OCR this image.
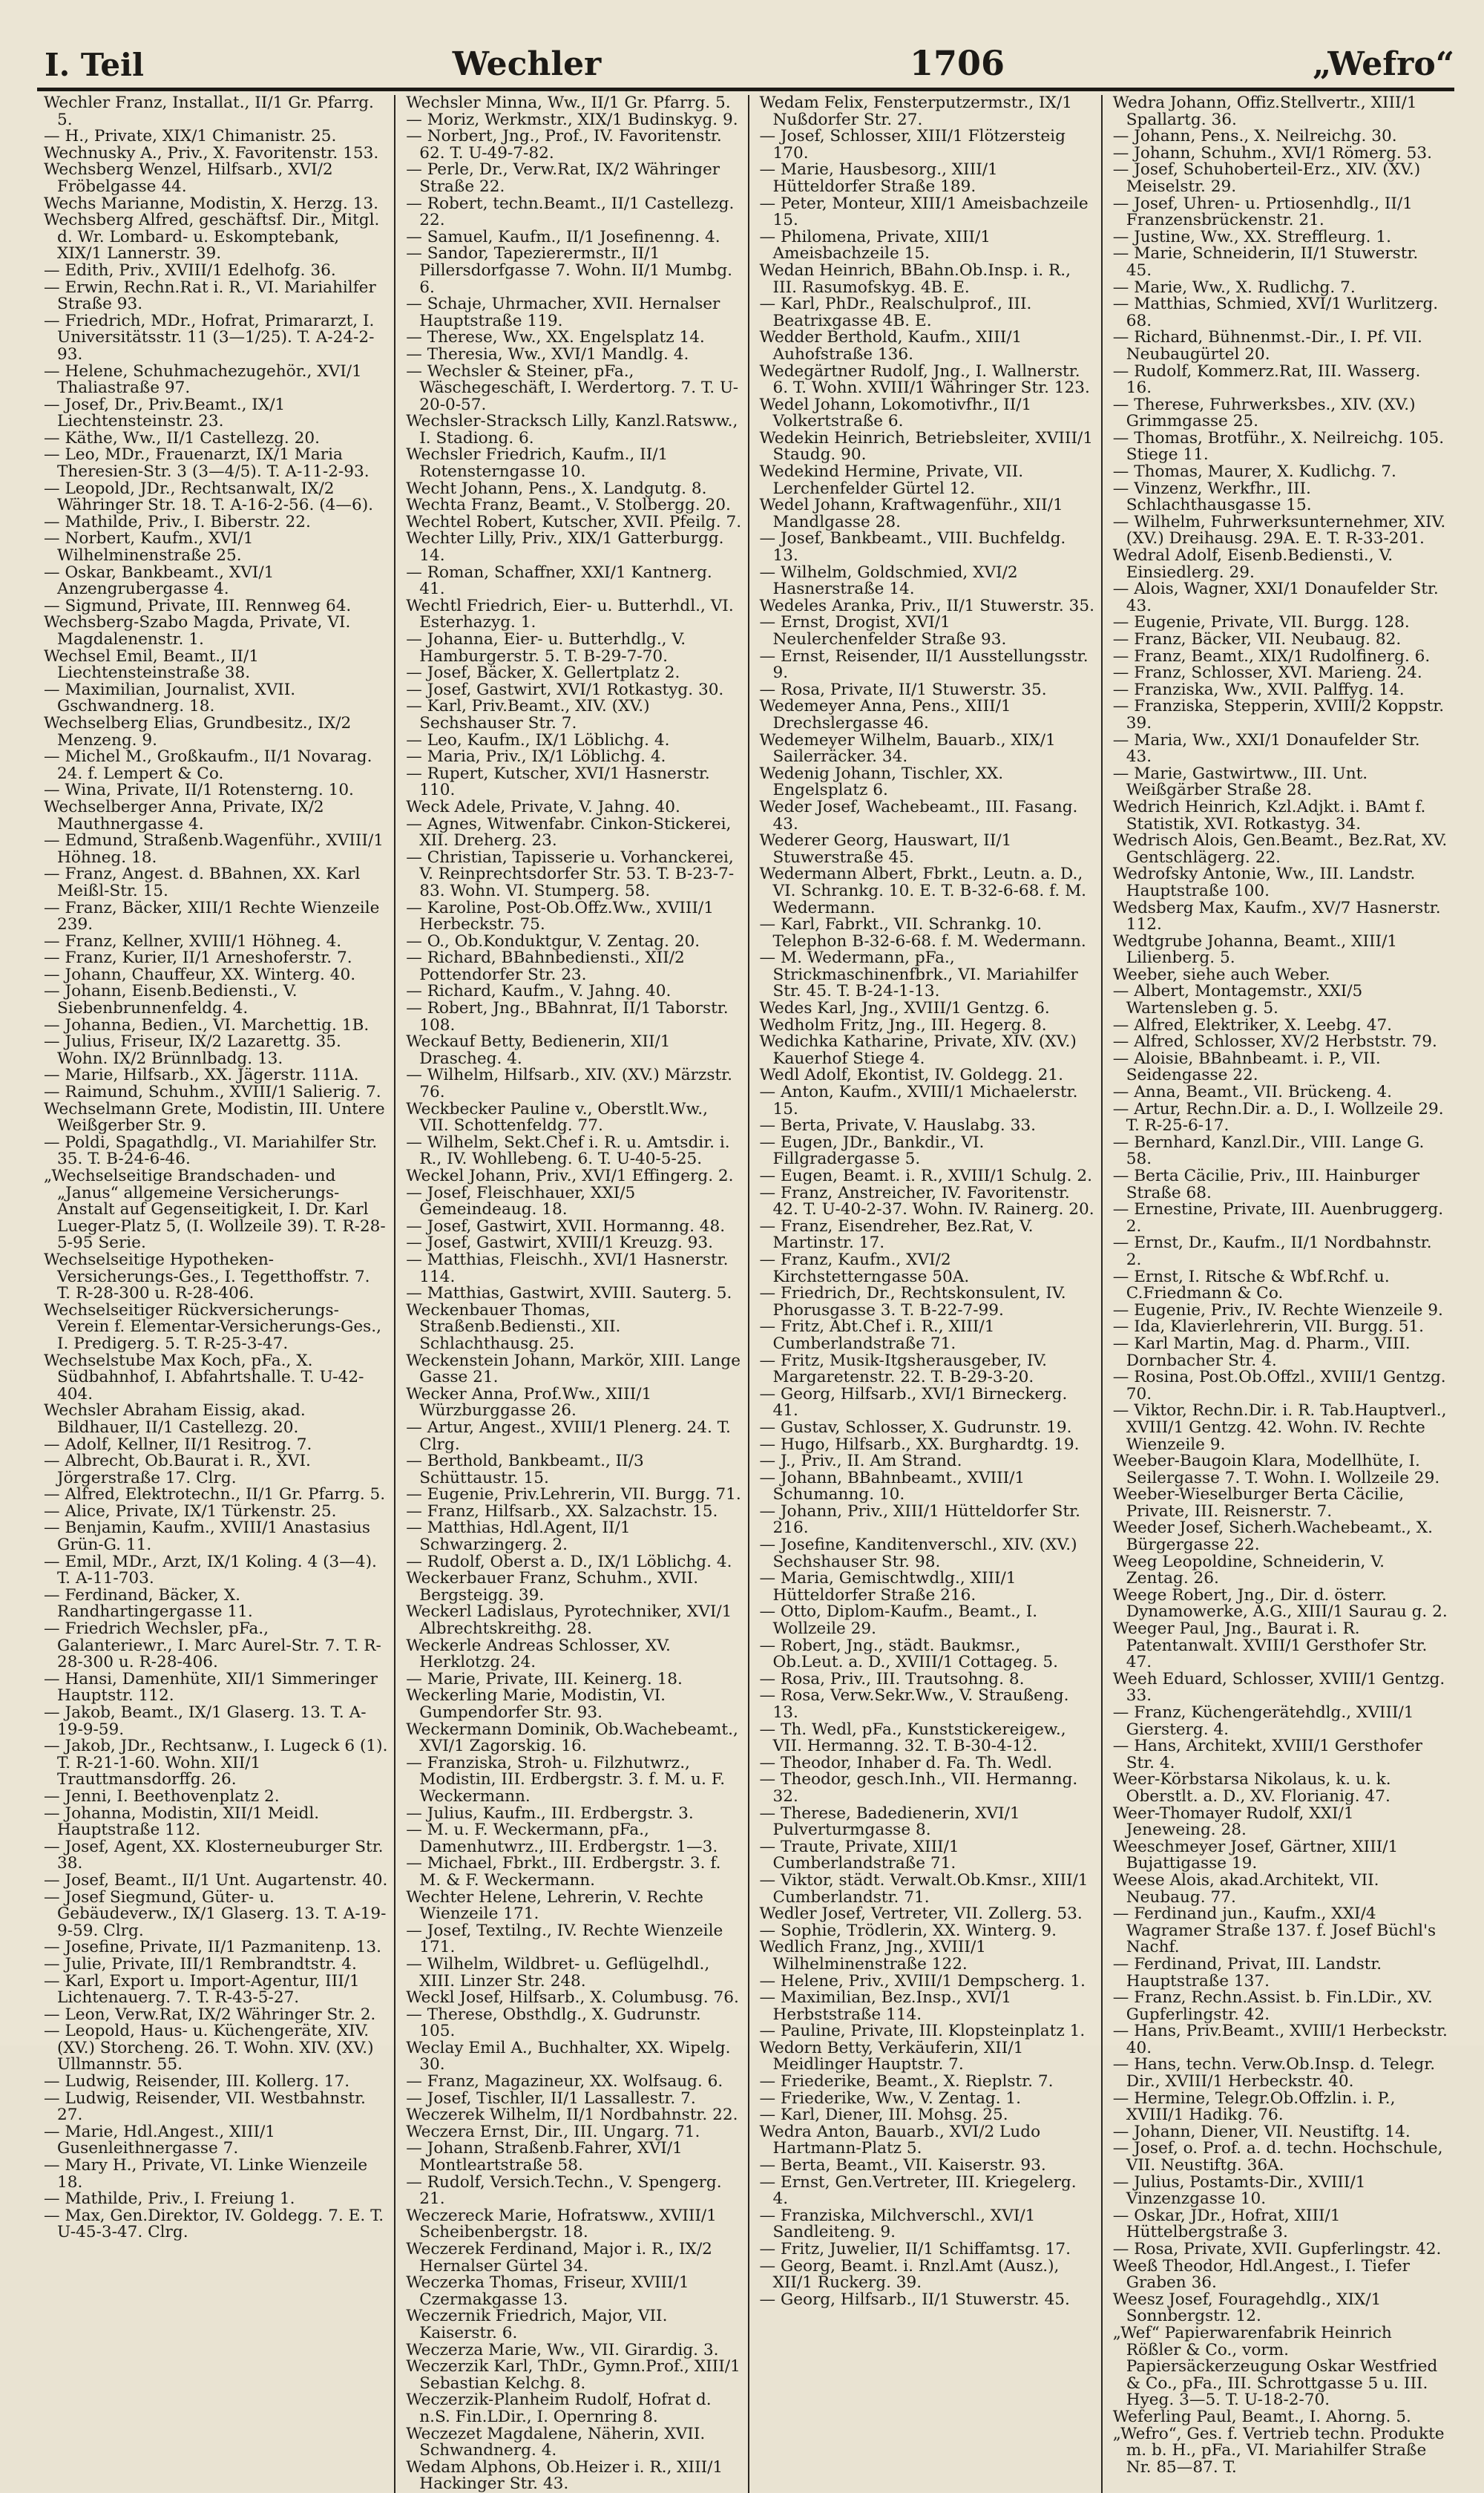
I. Teil	Wechler	1706	„Wefro“

Wechler Franz, Installat., II/1 Gr. Pfarrg. 5.

— H., Private, XIX/1 Chimanistr. 25.

Wechnusky A., Priv., X. Favoritenstr. 153.

Wechsberg Wenzel, Hilfsarb., XVI/2 Fröbelgasse 44.

Wechs Marianne, Modistin, X. Herzg. 13.

Wechsberg Alfred, geschäftsf. Dir., Mitgl. d. Wr. Lombard- u. Eskomptebank, XIX/1 Lannerstr. 39.

— Edith, Priv., XVIII/1 Edelhofg. 36.

— Erwin, Rechn.Rat i. R., VI. Mariahilfer Straße 93.

— Friedrich, MDr., Hofrat, Primararzt, I. Universitätsstr. 11 (3—1/25). T. A-24-2-93.

— Helene, Schuhmachezugehör., XVI/1 Thaliastraße 97.

— Josef, Dr., Priv.Beamt., IX/1 Liechtensteinstr. 23.

— Käthe, Ww., II/1 Castellezg. 20.

— Leo, MDr., Frauenarzt, IX/1 Maria Theresien-Str. 3 (3—4/5). T. A-11-2-93.

— Leopold, JDr., Rechtsanwalt, IX/2 Währinger Str. 18. T. A-16-2-56. (4—6).

— Mathilde, Priv., I. Biberstr. 22.

— Norbert, Kaufm., XVI/1 Wilhelminenstraße 25.

— Oskar, Bankbeamt., XVI/1 Anzengrubergasse 4.

— Sigmund, Private, III. Rennweg 64.

Wechsberg-Szabo Magda, Private, VI. Magdalenenstr. 1.

Wechsel Emil, Beamt., II/1 Liechtensteinstraße 38.

— Maximilian, Journalist, XVII. Gschwandnerg. 18.

Wechselberg Elias, Grundbesitz., IX/2 Menzeng. 9.

— Michel M., Großkaufm., II/1 Novarag. 24. f. Lempert & Co.

— Wina, Private, II/1 Rotensterng. 10.

Wechselberger Anna, Private, IX/2 Mauthnergasse 4.

— Edmund, Straßenb.Wagenführ., XVIII/1 Höhneg. 18.

— Franz, Angest. d. BBahnen, XX. Karl Meißl-Str. 15.

— Franz, Bäcker, XIII/1 Rechte Wienzeile 239.

— Franz, Kellner, XVIII/1 Höhneg. 4.

— Franz, Kurier, II/1 Arneshoferstr. 7.

— Johann, Chauffeur, XX. Winterg. 40.

— Johann, Eisenb.Bediensti., V. Siebenbrunnenfeldg. 4.

— Johanna, Bedien., VI. Marchettig. 1B.

— Julius, Friseur, IX/2 Lazarettg. 35. Wohn. IX/2 Brünnlbadg. 13.

— Marie, Hilfsarb., XX. Jägerstr. 111A.

— Raimund, Schuhm., XVIII/1 Salierig. 7.

Wechselmann Grete, Modistin, III. Untere Weißgerber Str. 9.

— Poldi, Spagathdlg., VI. Mariahilfer Str. 35. T. B-24-6-46.

„Wechselseitige Brandschaden- und „Janus“ allgemeine Versicherungs-Anstalt auf Gegenseitigkeit, I. Dr. Karl Lueger-Platz 5, (I. Wollzeile 39). T. R-28-5-95 Serie.

Wechselseitige Hypotheken-Versicherungs-Ges., I. Tegetthoffstr. 7. T. R-28-300 u. R-28-406.

Wechselseitiger Rückversicherungs-Verein f. Elementar-Versicherungs-Ges., I. Predigerg. 5. T. R-25-3-47.

Wechselstube Max Koch, pFa., X. Südbahnhof, I. Abfahrtshalle. T. U-42-404.

Wechsler Abraham Eissig, akad. Bildhauer, II/1 Castellezg. 20.

— Adolf, Kellner, II/1 Resitrog. 7.

— Albrecht, Ob.Baurat i. R., XVI. Jörgerstraße 17. Clrg.

— Alfred, Elektrotechn., II/1 Gr. Pfarrg. 5.

— Alice, Private, IX/1 Türkenstr. 25.

— Benjamin, Kaufm., XVIII/1 Anastasius Grün-G. 11.

— Emil, MDr., Arzt, IX/1 Koling. 4 (3—4). T. A-11-703.

— Ferdinand, Bäcker, X. Randhartingergasse 11.

— Friedrich Wechsler, pFa., Galanteriewr., I. Marc Aurel-Str. 7. T. R-28-300 u. R-28-406.

— Hansi, Damenhüte, XII/1 Simmeringer Hauptstr. 112.

— Jakob, Beamt., IX/1 Glaserg. 13. T. A-19-9-59.

— Jakob, JDr., Rechtsanw., I. Lugeck 6 (1). T. R-21-1-60. Wohn. XII/1 Trauttmansdorffg. 26.

— Jenni, I. Beethovenplatz 2.

— Johanna, Modistin, XII/1 Meidl. Hauptstraße 112.

— Josef, Agent, XX. Klosterneuburger Str. 38.

— Josef, Beamt., II/1 Unt. Augartenstr. 40.

— Josef Siegmund, Güter- u. Gebäudeverw., IX/1 Glaserg. 13. T. A-19-9-59. Clrg.

— Josefine, Private, II/1 Pazmanitenp. 13.

— Julie, Private, III/1 Rembrandtstr. 4.

— Karl, Export u. Import-Agentur, III/1 Lichtenauerg. 7. T. R-43-5-27.

— Leon, Verw.Rat, IX/2 Währinger Str. 2.

— Leopold, Haus- u. Küchengeräte, XIV. (XV.) Storcheng. 26. T. Wohn. XIV. (XV.) Ullmannstr. 55.

— Ludwig, Reisender, III. Kollerg. 17.

— Ludwig, Reisender, VII. Westbahnstr. 27.

— Marie, Hdl.Angest., XIII/1 Gusenleithnergasse 7.

— Mary H., Private, VI. Linke Wienzeile 18.

— Mathilde, Priv., I. Freiung 1.

— Max, Gen.Direktor, IV. Goldegg. 7. E. T. U-45-3-47. Clrg.

Wechsler Minna, Ww., II/1 Gr. Pfarrg. 5.

— Moriz, Werkmstr., XIX/1 Budinskyg. 9.

— Norbert, Jng., Prof., IV. Favoritenstr. 62. T. U-49-7-82.

— Perle, Dr., Verw.Rat, IX/2 Währinger Straße 22.

— Robert, techn.Beamt., II/1 Castellezg. 22.

— Samuel, Kaufm., II/1 Josefinenng. 4.

— Sandor, Tapezierermstr., II/1 Pillersdorfgasse 7. Wohn. II/1 Mumbg. 6.

— Schaje, Uhrmacher, XVII. Hernalser Hauptstraße 119.

— Therese, Ww., XX. Engelsplatz 14.

— Theresia, Ww., XVI/1 Mandlg. 4.

— Wechsler & Steiner, pFa., Wäschegeschäft, I. Werdertorg. 7. T. U-20-0-57.

Wechsler-Stracksch Lilly, Kanzl.Ratsww., I. Stadiong. 6.

Wechsler Friedrich, Kaufm., II/1 Rotensterngasse 10.

Wecht Johann, Pens., X. Landgutg. 8.

Wechta Franz, Beamt., V. Stolbergg. 20.

Wechtel Robert, Kutscher, XVII. Pfeilg. 7.

Wechter Lilly, Priv., XIX/1 Gatterburgg. 14.

— Roman, Schaffner, XXI/1 Kantnerg. 41.

Wechtl Friedrich, Eier- u. Butterhdl., VI. Esterhazyg. 1.

— Johanna, Eier- u. Butterhdlg., V. Hamburgerstr. 5. T. B-29-7-70.

— Josef, Bäcker, X. Gellertplatz 2.

— Josef, Gastwirt, XVI/1 Rotkastyg. 30.

— Karl, Priv.Beamt., XIV. (XV.) Sechshauser Str. 7.

— Leo, Kaufm., IX/1 Löblichg. 4.

— Maria, Priv., IX/1 Löblichg. 4.

— Rupert, Kutscher, XVI/1 Hasnerstr. 110.

Weck Adele, Private, V. Jahng. 40.

— Agnes, Witwenfabr. Cinkon-Stickerei, XII. Dreherg. 23.

— Christian, Tapisserie u. Vorhanckerei, V. Reinprechtsdorfer Str. 53. T. B-23-7-83. Wohn. VI. Stumperg. 58.

— Karoline, Post-Ob.Offz.Ww., XVIII/1 Herbeckstr. 75.

— O., Ob.Konduktgur, V. Zentag. 20.

— Richard, BBahnbediensti., XII/2 Pottendorfer Str. 23.

— Richard, Kaufm., V. Jahng. 40.

— Robert, Jng., BBahnrat, II/1 Taborstr. 108.

Weckauf Betty, Bedienerin, XII/1 Drascheg. 4.

— Wilhelm, Hilfsarb., XIV. (XV.) Märzstr. 76.

Weckbecker Pauline v., Oberstlt.Ww., VII. Schottenfeldg. 77.

— Wilhelm, Sekt.Chef i. R. u. Amtsdir. i. R., IV. Wohllebeng. 6. T. U-40-5-25.

Weckel Johann, Priv., XVI/1 Effingerg. 2.

— Josef, Fleischhauer, XXI/5 Gemeindeaug. 18.

— Josef, Gastwirt, XVII. Hormanng. 48.

— Josef, Gastwirt, XVIII/1 Kreuzg. 93.

— Matthias, Fleischh., XVI/1 Hasnerstr. 114.

— Matthias, Gastwirt, XVIII. Sauterg. 5.

Weckenbauer Thomas, Straßenb.Bediensti., XII. Schlachthausg. 25.

Weckenstein Johann, Markör, XIII. Lange Gasse 21.

Wecker Anna, Prof.Ww., XIII/1 Würzburggasse 26.

— Artur, Angest., XVIII/1 Plenerg. 24. T. Clrg.

— Berthold, Bankbeamt., II/3 Schüttaustr. 15.

— Eugenie, Priv.Lehrerin, VII. Burgg. 71.

— Franz, Hilfsarb., XX. Salzachstr. 15.

— Matthias, Hdl.Agent, II/1 Schwarzingerg. 2.

— Rudolf, Oberst a. D., IX/1 Löblichg. 4.

Weckerbauer Franz, Schuhm., XVII. Bergsteigg. 39.

Weckerl Ladislaus, Pyrotechniker, XVI/1 Albrechtskreithg. 28.

Weckerle Andreas Schlosser, XV. Herklotzg. 24.

— Marie, Private, III. Keinerg. 18.

Weckerling Marie, Modistin, VI. Gumpendorfer Str. 93.

Weckermann Dominik, Ob.Wachebeamt., XVI/1 Zagorskig. 16.

— Franziska, Stroh- u. Filzhutwrz., Modistin, III. Erdbergstr. 3. f. M. u. F. Weckermann.

— Julius, Kaufm., III. Erdbergstr. 3.

— M. u. F. Weckermann, pFa., Damenhutwrz., III. Erdbergstr. 1—3.

— Michael, Fbrkt., III. Erdbergstr. 3. f. M. & F. Weckermann.

Wechter Helene, Lehrerin, V. Rechte Wienzeile 171.

— Josef, Textilng., IV. Rechte Wienzeile 171.

— Wilhelm, Wildbret- u. Geflügelhdl., XIII. Linzer Str. 248.

Weckl Josef, Hilfsarb., X. Columbusg. 76.

— Therese, Obsthdlg., X. Gudrunstr. 105.

Weclay Emil A., Buchhalter, XX. Wipelg. 30.

— Franz, Magazineur, XX. Wolfsaug. 6.

— Josef, Tischler, II/1 Lassallestr. 7.

Weczerek Wilhelm, II/1 Nordbahnstr. 22.

Weczera Ernst, Dir., III. Ungarg. 71.

— Johann, Straßenb.Fahrer, XVI/1 Montleartstraße 58.

— Rudolf, Versich.Techn., V. Spengerg. 21.

Weczereck Marie, Hofratsww., XVIII/1 Scheibenbergstr. 18.

Weczerek Ferdinand, Major i. R., IX/2 Hernalser Gürtel 34.

Weczerka Thomas, Friseur, XVIII/1 Czermakgasse 13.

Weczernik Friedrich, Major, VII. Kaiserstr. 6.

Weczerza Marie, Ww., VII. Girardig. 3.

Weczerzik Karl, ThDr., Gymn.Prof., XIII/1 Sebastian Kelchg. 8.

Weczerzik-Planheim Rudolf, Hofrat d. n.S. Fin.LDir., I. Opernring 8.

Weczezet Magdalene, Näherin, XVII. Schwandnerg. 4.

Wedam Alphons, Ob.Heizer i. R., XIII/1 Hackinger Str. 43.

Wedam Felix, Fensterputzermstr., IX/1 Nußdorfer Str. 27.

— Josef, Schlosser, XIII/1 Flötzersteig 170.

— Marie, Hausbesorg., XIII/1 Hütteldorfer Straße 189.

— Peter, Monteur, XIII/1 Ameisbachzeile 15.

— Philomena, Private, XIII/1 Ameisbachzeile 15.

Wedan Heinrich, BBahn.Ob.Insp. i. R., III. Rasumofskyg. 4B. E.

— Karl, PhDr., Realschulprof., III. Beatrixgasse 4B. E.

Wedder Berthold, Kaufm., XIII/1 Auhofstraße 136.

Wedegärtner Rudolf, Jng., I. Wallnerstr. 6. T. Wohn. XVIII/1 Währinger Str. 123.

Wedel Johann, Lokomotivfhr., II/1 Volkertstraße 6.

Wedekin Heinrich, Betriebsleiter, XVIII/1 Staudg. 90.

Wedekind Hermine, Private, VII. Lerchenfelder Gürtel 12.

Wedel Johann, Kraftwagenführ., XII/1 Mandlgasse 28.

— Josef, Bankbeamt., VIII. Buchfeldg. 13.

— Wilhelm, Goldschmied, XVI/2 Hasnerstraße 14.

Wedeles Aranka, Priv., II/1 Stuwerstr. 35.

— Ernst, Drogist, XVI/1 Neulerchenfelder Straße 93.

— Ernst, Reisender, II/1 Ausstellungsstr. 9.

— Rosa, Private, II/1 Stuwerstr. 35.

Wedemeyer Anna, Pens., XIII/1 Drechslergasse 46.

Wedemeyer Wilhelm, Bauarb., XIX/1 Sailerräcker. 34.

Wedenig Johann, Tischler, XX. Engelsplatz 6.

Weder Josef, Wachebeamt., III. Fasang. 43.

Wederer Georg, Hauswart, II/1 Stuwerstraße 45.

Wedermann Albert, Fbrkt., Leutn. a. D., VI. Schrankg. 10. E. T. B-32-6-68. f. M. Wedermann.

— Karl, Fabrkt., VII. Schrankg. 10. Telephon B-32-6-68. f. M. Wedermann.

— M. Wedermann, pFa., Strickmaschinenfbrk., VI. Mariahilfer Str. 45. T. B-24-1-13.

Wedes Karl, Jng., XVIII/1 Gentzg. 6.

Wedholm Fritz, Jng., III. Hegerg. 8.

Wedichka Katharine, Private, XIV. (XV.) Kauerhof Stiege 4.

Wedl Adolf, Ekontist, IV. Goldegg. 21.

— Anton, Kaufm., XVIII/1 Michaelerstr. 15.

— Berta, Private, V. Hauslabg. 33.

— Eugen, JDr., Bankdir., VI. Fillgradergasse 5.

— Eugen, Beamt. i. R., XVIII/1 Schulg. 2.

— Franz, Anstreicher, IV. Favoritenstr. 42. T. U-40-2-37. Wohn. IV. Rainerg. 20.

— Franz, Eisendreher, Bez.Rat, V. Martinstr. 17.

— Franz, Kaufm., XVI/2 Kirchstetterngasse 50A.

— Friedrich, Dr., Rechtskonsulent, IV. Phorusgasse 3. T. B-22-7-99.

— Fritz, Abt.Chef i. R., XIII/1 Cumberlandstraße 71.

— Fritz, Musik-Itgsherausgeber, IV. Margaretenstr. 22. T. B-29-3-20.

— Georg, Hilfsarb., XVI/1 Birneckerg. 41.

— Gustav, Schlosser, X. Gudrunstr. 19.

— Hugo, Hilfsarb., XX. Burghardtg. 19.

— J., Priv., II. Am Strand.

— Johann, BBahnbeamt., XVIII/1 Schumanng. 10.

— Johann, Priv., XIII/1 Hütteldorfer Str. 216.

— Josefine, Kanditenverschl., XIV. (XV.) Sechshauser Str. 98.

— Maria, Gemischtwdlg., XIII/1 Hütteldorfer Straße 216.

— Otto, Diplom-Kaufm., Beamt., I. Wollzeile 29.

— Robert, Jng., städt. Baukmsr., Ob.Leut. a. D., XVIII/1 Cottageg. 5.

— Rosa, Priv., III. Trautsohng. 8.

— Rosa, Verw.Sekr.Ww., V. Straußeng. 13.

— Th. Wedl, pFa., Kunststickereigew., VII. Hermanng. 32. T. B-30-4-12.

— Theodor, Inhaber d. Fa. Th. Wedl.

— Theodor, gesch.Inh., VII. Hermanng. 32.

— Therese, Badedienerin, XVI/1 Pulverturmgasse 8.

— Traute, Private, XIII/1 Cumberlandstraße 71.

— Viktor, städt. Verwalt.Ob.Kmsr., XIII/1 Cumberlandstr. 71.

Wedler Josef, Vertreter, VII. Zollerg. 53.

— Sophie, Trödlerin, XX. Winterg. 9.

Wedlich Franz, Jng., XVIII/1 Wilhelminenstraße 122.

— Helene, Priv., XVIII/1 Dempscherg. 1.

— Maximilian, Bez.Insp., XVI/1 Herbststraße 114.

— Pauline, Private, III. Klopsteinplatz 1.

Wedorn Betty, Verkäuferin, XII/1 Meidlinger Hauptstr. 7.

— Friederike, Beamt., X. Rieplstr. 7.

— Friederike, Ww., V. Zentag. 1.

— Karl, Diener, III. Mohsg. 25.

Wedra Anton, Bauarb., XVI/2 Ludo Hartmann-Platz 5.

— Berta, Beamt., VII. Kaiserstr. 93.

— Ernst, Gen.Vertreter, III. Kriegelerg. 4.

— Franziska, Milchverschl., XVI/1 Sandleiteng. 9.

— Fritz, Juwelier, II/1 Schiffamtsg. 17.

— Georg, Beamt. i. Rnzl.Amt (Ausz.), XII/1 Ruckerg. 39.

— Georg, Hilfsarb., II/1 Stuwerstr. 45.

Wedra Johann, Offiz.Stellvertr., XIII/1 Spallartg. 36.

— Johann, Pens., X. Neilreichg. 30.

— Johann, Schuhm., XVI/1 Römerg. 53.

— Josef, Schuhoberteil-Erz., XIV. (XV.) Meiselstr. 29.

— Josef, Uhren- u. Prtiosenhdlg., II/1 Franzensbrückenstr. 21.

— Justine, Ww., XX. Streffleurg. 1.

— Marie, Schneiderin, II/1 Stuwerstr. 45.

— Marie, Ww., X. Rudlichg. 7.

— Matthias, Schmied, XVI/1 Wurlitzerg. 68.

— Richard, Bühnenmst.-Dir., I. Pf. VII. Neubaugürtel 20.

— Rudolf, Kommerz.Rat, III. Wasserg. 16.

— Therese, Fuhrwerksbes., XIV. (XV.) Grimmgasse 25.

— Thomas, Brotführ., X. Neilreichg. 105. Stiege 11.

— Thomas, Maurer, X. Kudlichg. 7.

— Vinzenz, Werkfhr., III. Schlachthausgasse 15.

— Wilhelm, Fuhrwerksunternehmer, XIV. (XV.) Dreihausg. 29A. E. T. R-33-201.

Wedral Adolf, Eisenb.Bediensti., V. Einsiedlerg. 29.

— Alois, Wagner, XXI/1 Donaufelder Str. 43.

— Eugenie, Private, VII. Burgg. 128.

— Franz, Bäcker, VII. Neubaug. 82.

— Franz, Beamt., XIX/1 Rudolfinerg. 6.

— Franz, Schlosser, XVI. Marieng. 24.

— Franziska, Ww., XVII. Palffyg. 14.

— Franziska, Stepperin, XVIII/2 Koppstr. 39.

— Maria, Ww., XXI/1 Donaufelder Str. 43.

— Marie, Gastwirtww., III. Unt. Weißgärber Straße 28.

Wedrich Heinrich, Kzl.Adjkt. i. BAmt f. Statistik, XVI. Rotkastyg. 34.

Wedrisch Alois, Gen.Beamt., Bez.Rat, XV. Gentschlägerg. 22.

Wedrofsky Antonie, Ww., III. Landstr. Hauptstraße 100.

Wedsberg Max, Kaufm., XV/7 Hasnerstr. 112.

Wedtgrube Johanna, Beamt., XIII/1 Lilienberg. 5.

Weeber, siehe auch Weber.

— Albert, Montagemstr., XXI/5 Wartensleben g. 5.

— Alfred, Elektriker, X. Leebg. 47.

— Alfred, Schlosser, XV/2 Herbststr. 79.

— Aloisie, BBahnbeamt. i. P., VII. Seidengasse 22.

— Anna, Beamt., VII. Brückeng. 4.

— Artur, Rechn.Dir. a. D., I. Wollzeile 29. T. R-25-6-17.

— Bernhard, Kanzl.Dir., VIII. Lange G. 58.

— Berta Cäcilie, Priv., III. Hainburger Straße 68.

— Ernestine, Private, III. Auenbruggerg. 2.

— Ernst, Dr., Kaufm., II/1 Nordbahnstr. 2.

— Ernst, I. Ritsche & Wbf.Rchf. u. C.Friedmann & Co.

— Eugenie, Priv., IV. Rechte Wienzeile 9.

— Ida, Klavierlehrerin, VII. Burgg. 51.

— Karl Martin, Mag. d. Pharm., VIII. Dornbacher Str. 4.

— Rosina, Post.Ob.Offzl., XVIII/1 Gentzg. 70.

— Viktor, Rechn.Dir. i. R. Tab.Hauptverl., XVIII/1 Gentzg. 42. Wohn. IV. Rechte Wienzeile 9.

Weeber-Baugoin Klara, Modellhüte, I. Seilergasse 7. T. Wohn. I. Wollzeile 29.

Weeber-Wieselburger Berta Cäcilie, Private, III. Reisnerstr. 7.

Weeder Josef, Sicherh.Wachebeamt., X. Bürgergasse 22.

Weeg Leopoldine, Schneiderin, V. Zentag. 26.

Weege Robert, Jng., Dir. d. österr. Dynamowerke, A.G., XIII/1 Saurau g. 2.

Weeger Paul, Jng., Baurat i. R. Patentanwalt. XVIII/1 Gersthofer Str. 47.

Weeh Eduard, Schlosser, XVIII/1 Gentzg. 33.

— Franz, Küchengerätehdlg., XVIII/1 Giersterg. 4.

— Hans, Architekt, XVIII/1 Gersthofer Str. 4.

Weer-Körbstarsa Nikolaus, k. u. k. Oberstlt. a. D., XV. Florianig. 47.

Weer-Thomayer Rudolf, XXI/1 Jeneweing. 28.

Weeschmeyer Josef, Gärtner, XIII/1 Bujattigasse 19.

Weese Alois, akad.Architekt, VII. Neubaug. 77.

— Ferdinand jun., Kaufm., XXI/4 Wagramer Straße 137. f. Josef Büchl's Nachf.

— Ferdinand, Privat, III. Landstr. Hauptstraße 137.

— Franz, Rechn.Assist. b. Fin.LDir., XV. Gupferlingstr. 42.

— Hans, Priv.Beamt., XVIII/1 Herbeckstr. 40.

— Hans, techn. Verw.Ob.Insp. d. Telegr. Dir., XVIII/1 Herbeckstr. 40.

— Hermine, Telegr.Ob.Offzlin. i. P., XVIII/1 Hadikg. 76.

— Johann, Diener, VII. Neustiftg. 14.

— Josef, o. Prof. a. d. techn. Hochschule, VII. Neustiftg. 36A.

— Julius, Postamts-Dir., XVIII/1 Vinzenzgasse 10.

— Oskar, JDr., Hofrat, XIII/1 Hüttelbergstraße 3.

— Rosa, Private, XVII. Gupferlingstr. 42.

Weeß Theodor, Hdl.Angest., I. Tiefer Graben 36.

Weesz Josef, Fouragehdlg., XIX/1 Sonnbergstr. 12.

„Wef“ Papierwarenfabrik Heinrich Rößler & Co., vorm. Papiersäckerzeugung Oskar Westfried & Co., pFa., III. Schrottgasse 5 u. III. Hyeg. 3—5. T. U-18-2-70.

Weferling Paul, Beamt., I. Ahorng. 5.

„Wefro“, Ges. f. Vertrieb techn. Produkte m. b. H., pFa., VI. Mariahilfer Straße Nr. 85—87. T.
